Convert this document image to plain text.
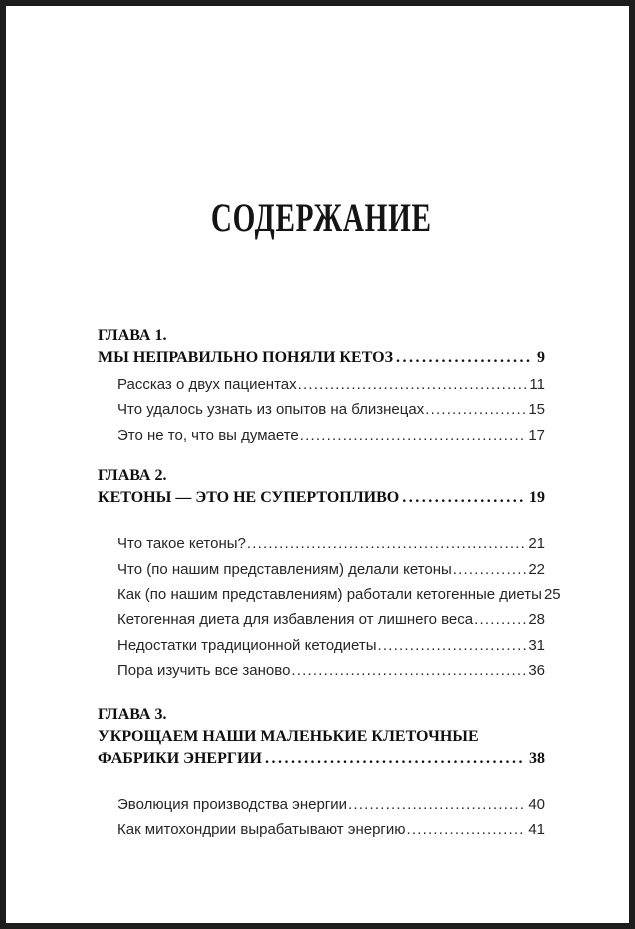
СОДЕРЖАНИЕ
ГЛАВА 1.
МЫ НЕПРАВИЛЬНО ПОНЯЛИ КЕТОЗ .....	9
Рассказ о двух пациентах .....	11
Что удалось узнать из опытов на близнецах .....	15
Это не то, что вы думаете .....	17
ГЛАВА 2.
КЕТОНЫ — ЭТО НЕ СУПЕРТОПЛИВО .....	19
Что такое кетоны? .....	21
Что (по нашим представлениям) делали кетоны .....	22
Как (по нашим представлениям) работали кетогенные диеты 25
Кетогенная диета для избавления от лишнего веса .....	28
Недостатки традиционной кетодиеты .....	31
Пора изучить все заново .....	36
ГЛАВА 3.
УКРОЩАЕМ НАШИ МАЛЕНЬКИЕ КЛЕТОЧНЫЕ
ФАБРИКИ ЭНЕРГИИ .....	38
Эволюция производства энергии .....	40
Как митохондрии вырабатывают энергию .....	41
